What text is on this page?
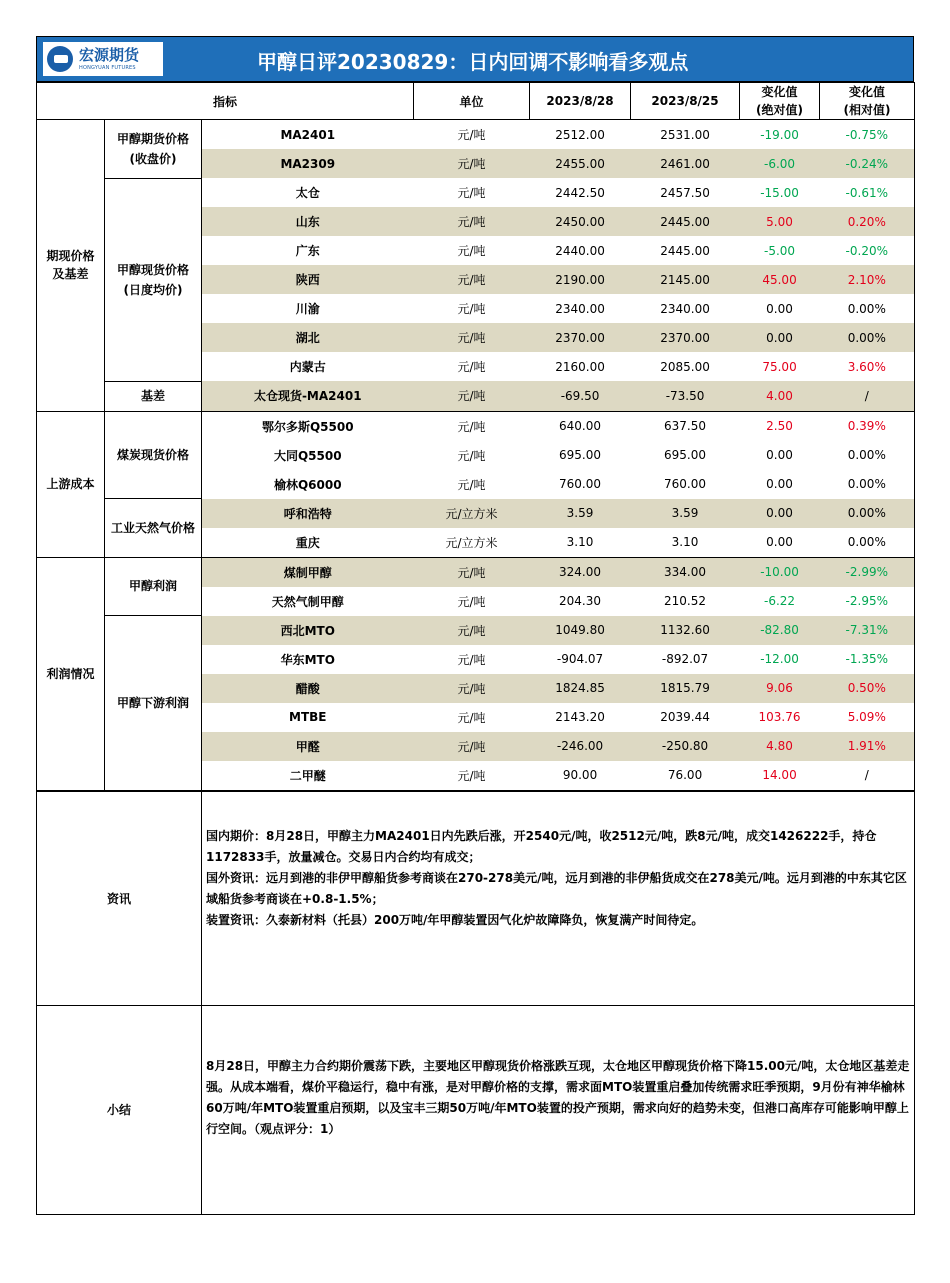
宏源期货
HONGYUAN FUTURES	甲醇日评20230829：日内回调不影响看多观点
指标			单位	2023/8/28	2023/8/25	变化值
(绝对值)	变化值
(相对值)
期现价格
及基差	甲醇期货价格
(收盘价)	MA2401	元/吨	2512.00	2531.00	-19.00	-0.75%
		MA2309	元/吨	2455.00	2461.00	-6.00	-0.24%
	甲醇现货价格
(日度均价)	太仓	元/吨	2442.50	2457.50	-15.00	-0.61%
		山东	元/吨	2450.00	2445.00	5.00	0.20%
		广东	元/吨	2440.00	2445.00	-5.00	-0.20%
		陕西	元/吨	2190.00	2145.00	45.00	2.10%
		川渝	元/吨	2340.00	2340.00	0.00	0.00%
		湖北	元/吨	2370.00	2370.00	0.00	0.00%
		内蒙古	元/吨	2160.00	2085.00	75.00	3.60%
	基差	太仓现货-MA2401	元/吨	-69.50	-73.50	4.00	/
上游成本	煤炭现货价格	鄂尔多斯Q5500	元/吨	640.00	637.50	2.50	0.39%
		大同Q5500	元/吨	695.00	695.00	0.00	0.00%
		榆林Q6000	元/吨	760.00	760.00	0.00	0.00%
	工业天然气价格	呼和浩特	元/立方米	3.59	3.59	0.00	0.00%
		重庆	元/立方米	3.10	3.10	0.00	0.00%
利润情况	甲醇利润	煤制甲醇	元/吨	324.00	334.00	-10.00	-2.99%
		天然气制甲醇	元/吨	204.30	210.52	-6.22	-2.95%
	甲醇下游利润	西北MTO	元/吨	1049.80	1132.60	-82.80	-7.31%
		华东MTO	元/吨	-904.07	-892.07	-12.00	-1.35%
		醋酸	元/吨	1824.85	1815.79	9.06	0.50%
		MTBE	元/吨	2143.20	2039.44	103.76	5.09%
		甲醛	元/吨	-246.00	-250.80	4.80	1.91%
		二甲醚	元/吨	90.00	76.00	14.00	/
资讯	国内期价：8月28日，甲醇主力MA2401日内先跌后涨，开2540元/吨，收2512元/吨，跌8元/吨，成交1426222手，持仓1172833手，放量减仓。交易日内合约均有成交；

国外资讯：远月到港的非伊甲醇船货参考商谈在270-278美元/吨，远月到港的非伊船货成交在278美元/吨。远月到港的中东其它区域船货参考商谈在+0.8-1.5%；

装置资讯：久泰新材料（托县）200万吨/年甲醇装置因气化炉故障降负，恢复满产时间待定。

小结	8月28日，甲醇主力合约期价震荡下跌，主要地区甲醇现货价格涨跌互现，太仓地区甲醇现货价格下降15.00元/吨，太仓地区基差走强。从成本端看，煤价平稳运行，稳中有涨，是对甲醇价格的支撑，需求面MTO装置重启叠加传统需求旺季预期，9月份有神华榆林60万吨/年MTO装置重启预期，以及宝丰三期50万吨/年MTO装置的投产预期，需求向好的趋势未变，但港口高库存可能影响甲醇上行空间。（观点评分：1）
